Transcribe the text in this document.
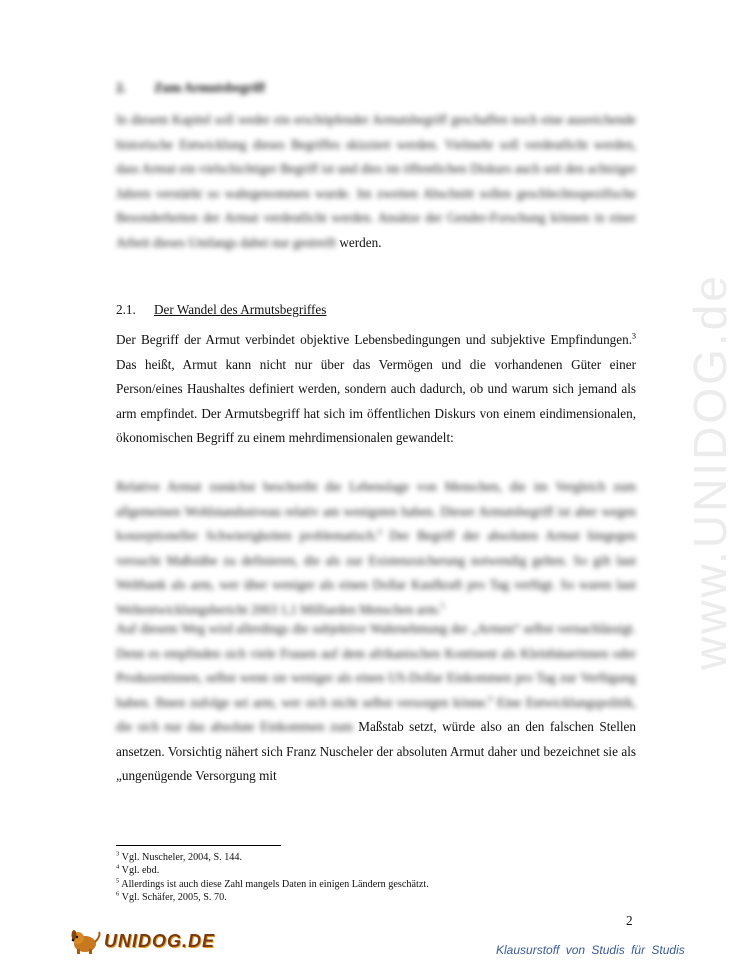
www.UNIDOG.de
2. Zum Armutsbegriff
In diesem Kapitel soll weder ein erschöpfender Armutsbegriff geschaffen noch eine ausreichende historische Entwicklung dieses Begriffes skizziert werden. Vielmehr soll verdeutlicht werden, dass Armut ein vielschichtiger Begriff ist und dies im öffentlichen Diskurs auch seit den achtziger Jahren verstärkt so wahrgenommen wurde. Im zweiten Abschnitt sollen geschlechtsspezifische Besonderheiten der Armut verdeutlicht werden. Ansätze der Gender-Forschung können in einer Arbeit dieses Umfangs dabei nur gestreift werden.
2.1. Der Wandel des Armutsbegriffes
Der Begriff der Armut verbindet objektive Lebensbedingungen und subjektive Empfindungen.$^3$ Das heißt, Armut kann nicht nur über das Vermögen und die vorhandenen Güter einer Person/eines Haushaltes definiert werden, sondern auch dadurch, ob und warum sich jemand als arm empfindet. Der Armutsbegriff hat sich im öffentlichen Diskurs von einem eindimensionalen, ökonomischen Begriff zu einem mehrdimensionalen gewandelt:
Relative Armut zunächst beschreibt die Lebenslage von Menschen, die im Vergleich zum allgemeinen Wohlstandsniveau relativ am wenigsten haben. Dieser Armutsbegriff ist aber wegen konzeptioneller Schwierigkeiten problematisch.$^4$ Der Begriff der absoluten Armut hingegen versucht Maßstäbe zu definieren, die als zur Existenzsicherung notwendig gelten. So gilt laut Weltbank als arm, wer über weniger als einen Dollar Kaufkraft pro Tag verfügt. So waren laut Weltentwicklungsbericht 2003 1,1 Milliarden Menschen arm.$^5$
Auf diesem Weg wird allerdings die subjektive Wahrnehmung der „Armen“ selbst vernachlässigt. Denn es empfinden sich viele Frauen auf dem afrikanischen Kontinent als Kleinbäuerinnen oder Produzentinnen, selbst wenn sie weniger als einen US-Dollar Einkommen pro Tag zur Verfügung haben. Ihnen zufolge sei arm, wer sich nicht selbst versorgen könne.$^6$ Eine Entwicklungspolitik, die sich nur das absolute Einkommen zum Maßstab setzt, würde also an den falschen Stellen ansetzen. Vorsichtig nähert sich Franz Nuscheler der absoluten Armut daher und bezeichnet sie als „ungenügende Versorgung mit
$^3$ Vgl. Nuscheler, 2004, S. 144.
$^4$ Vgl. ebd.
$^5$ Allerdings ist auch diese Zahl mangels Daten in einigen Ländern geschätzt.
$^6$ Vgl. Schäfer, 2005, S. 70.
2
UNIDOG.DE	Klausurstoff von Studis für Studis
